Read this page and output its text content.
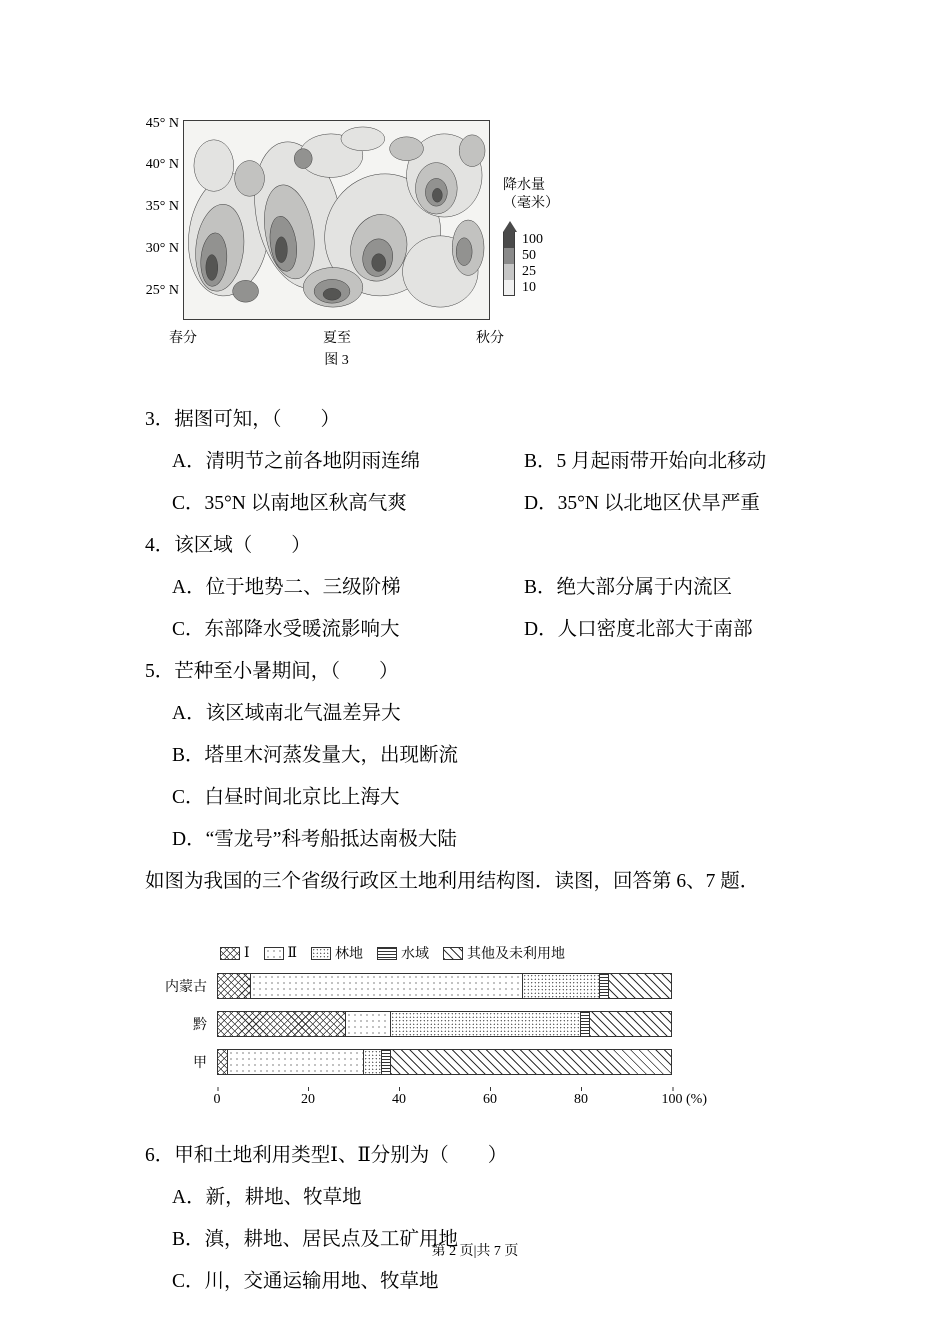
45° N
40° N
35° N
30° N
25° N
春分	夏至	秋分
图 3
降水量
（毫米）
100
50
25
10
3．据图可知，（　　）
A．清明节之前各地阴雨连绵	B．5 月起雨带开始向北移动
C．35°N 以南地区秋高气爽	D．35°N 以北地区伏旱严重
4．该区域（　　）
A．位于地势二、三级阶梯	B．绝大部分属于内流区
C．东部降水受暖流影响大	D．人口密度北部大于南部
5．芒种至小暑期间，（　　）
A．该区域南北气温差异大
B．塔里木河蒸发量大，出现断流
C．白昼时间北京比上海大
D．“雪龙号”科考船抵达南极大陆
如图为我国的三个省级行政区土地利用结构图．读图，回答第 6、7 题．
Ⅰ	Ⅱ	林地	水域	其他及未利用地
内蒙古
黔
甲
0	20	40	60	80	100 (%)
6．甲和土地利用类型Ⅰ、Ⅱ分别为（　　）
A．新，耕地、牧草地
B．滇，耕地、居民点及工矿用地
C．川，交通运输用地、牧草地
第 2 页|共 7 页
